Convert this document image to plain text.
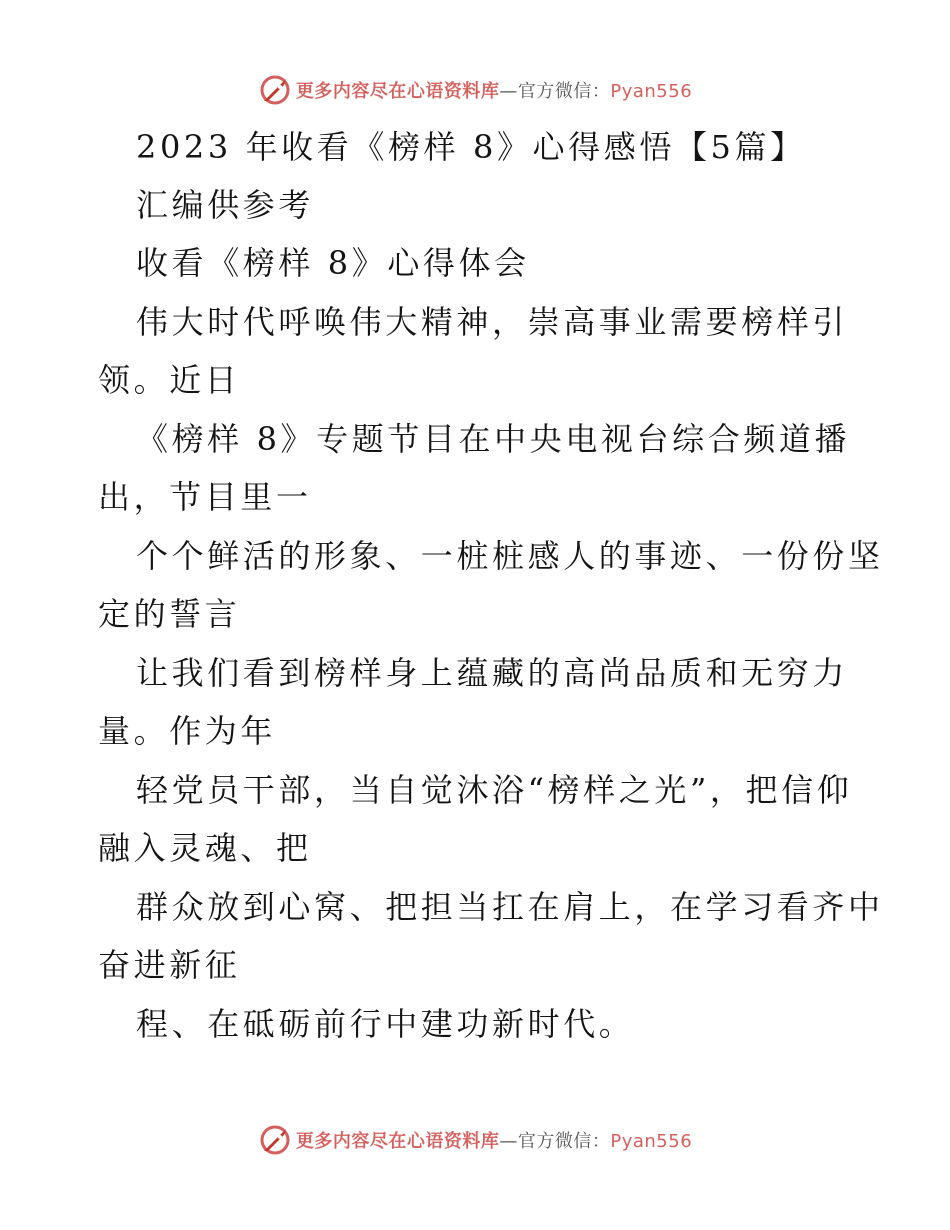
更多内容尽在心语资料库—官方微信：Pyan556
2023 年收看《榜样 8》心得感悟【5篇】
汇编供参考
收看《榜样 8》心得体会
伟大时代呼唤伟大精神，崇高事业需要榜样引
领。近日
《榜样 8》专题节目在中央电视台综合频道播
出，节目里一
个个鲜活的形象、一桩桩感人的事迹、一份份坚
定的誓言
让我们看到榜样身上蕴藏的高尚品质和无穷力
量。作为年
轻党员干部，当自觉沐浴“榜样之光”，把信仰
融入灵魂、把
群众放到心窝、把担当扛在肩上，在学习看齐中
奋进新征
程、在砥砺前行中建功新时代。
更多内容尽在心语资料库—官方微信：Pyan556
